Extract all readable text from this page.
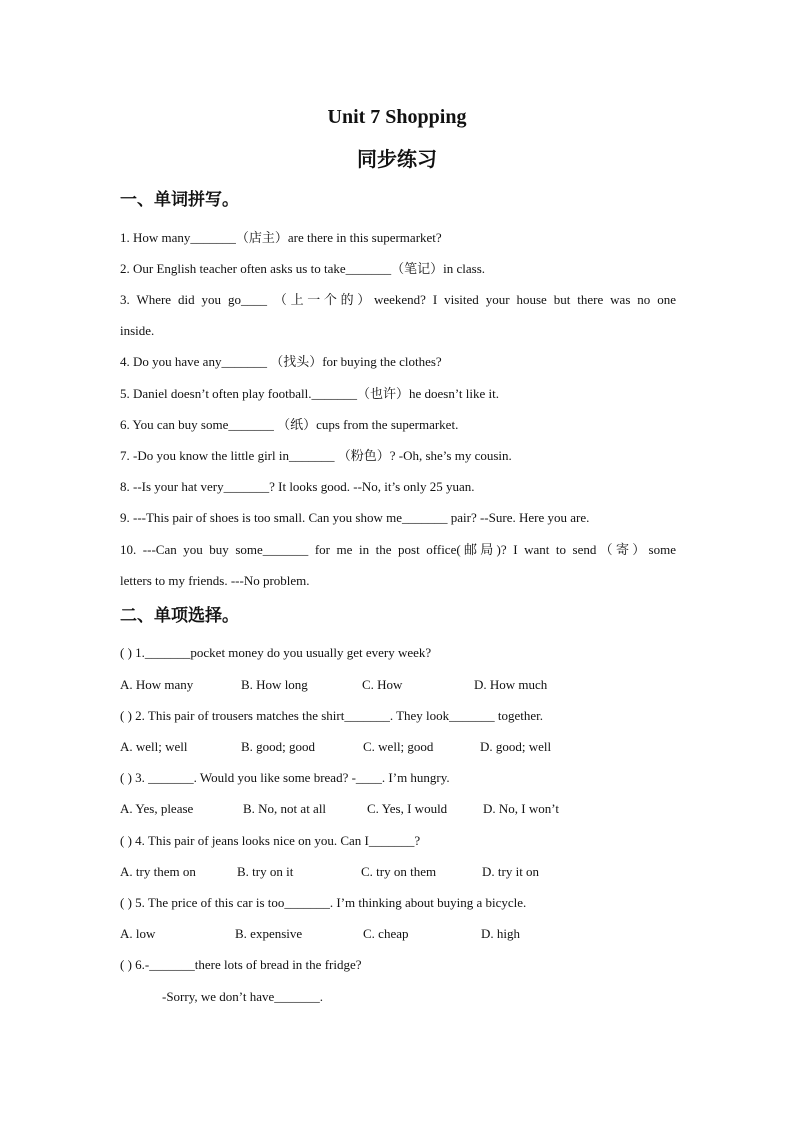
Unit 7 Shopping
同步练习
一、单词拼写。
1. How many_______（店主）are there in this supermarket?
2. Our English teacher often asks us to take_______（笔记）in class.
3. Where did you go____ （上一个的）weekend? I visited your house but there was no one
inside.
4. Do you have any_______ （找头）for buying the clothes?
5. Daniel doesn’t often play football._______（也许）he doesn’t like it.
6. You can buy some_______ （纸）cups from the supermarket.
7. -Do you know the little girl in_______ （粉色）? -Oh, she’s my cousin.
8. --Is your hat very_______? It looks good. --No, it’s only 25 yuan.
9. ---This pair of shoes is too small. Can you show me_______ pair? --Sure. Here you are.
10. ---Can you buy some_______ for me in the post office(邮局)? I want to send（寄）some
letters to my friends. ---No problem.
二、单项选择。
( ) 1._______pocket money do you usually get every week?
A. How many	B. How long	C. How	D. How much
( ) 2. This pair of trousers matches the shirt_______. They look_______ together.
A. well; well	B. good; good	C. well; good	D. good; well
( ) 3. _______. Would you like some bread? -____. I’m hungry.
A. Yes, please	B. No, not at all	C. Yes, I would	D. No, I won’t
( ) 4. This pair of jeans looks nice on you. Can I_______?
A. try them on	B. try on it	C. try on them	D. try it on
( ) 5. The price of this car is too_______. I’m thinking about buying a bicycle.
A. low	B. expensive	C. cheap	D. high
( ) 6.-_______there lots of bread in the fridge?
-Sorry, we don’t have_______.
